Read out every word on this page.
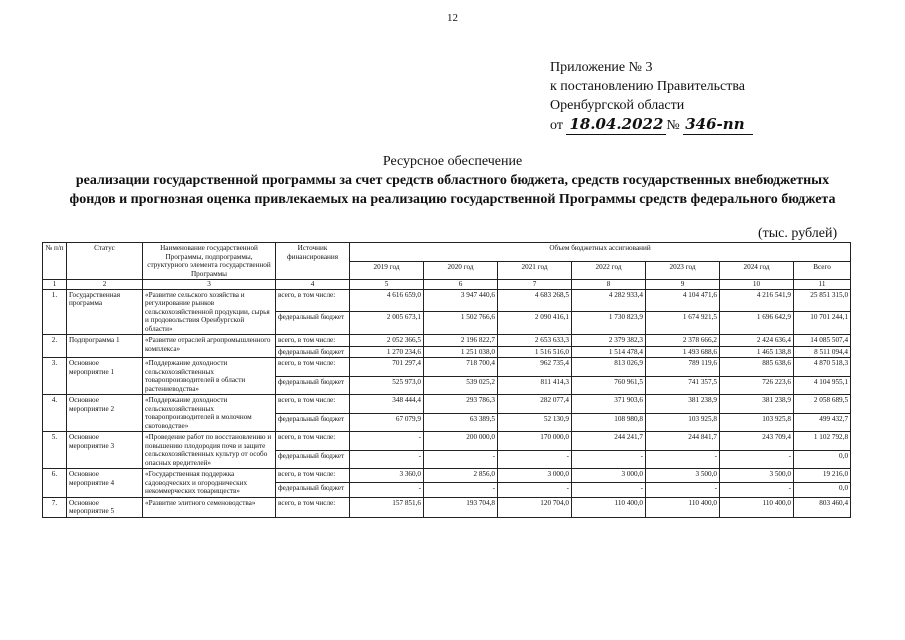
12
Приложение № 3
к постановлению Правительства
Оренбургской области
от 18.04.2022 № 346-пп
Ресурсное обеспечение
реализации государственной программы за счет средств областного бюджета, средств государственных внебюджетных
фондов и прогнозная оценка привлекаемых на реализацию государственной Программы средств федерального бюджета
(тыс. рублей)
№ п/п	Статус	Наименование государственной Программы, подпрограммы, структурного элемента государственной Программы	Источник финансирования	Объем бюджетных ассигнований						
				2019 год	2020 год	2021 год	2022 год	2023 год	2024 год	Всего
1	2	3	4	5	6	7	8	9	10	11
1.	Государственная программа	«Развитие сельского хозяйства и регулирование рынков сельскохозяйственной продукции, сырья и продовольствия Оренбургской области»	всего, в том числе:	4 616 659,0	3 947 440,6	4 683 268,5	4 282 933,4	4 104 471,6	4 216 541,9	25 851 315,0
			федеральный бюджет	2 005 673,1	1 502 766,6	2 090 416,1	1 730 823,9	1 674 921,5	1 696 642,9	10 701 244,1
2.	Подпрограмма 1	«Развитие отраслей агропромышленного комплекса»	всего, в том числе:	2 052 366,5	2 196 822,7	2 653 633,3	2 379 382,3	2 378 666,2	2 424 636,4	14 085 507,4
			федеральный бюджет	1 270 234,6	1 251 038,0	1 516 516,0	1 514 478,4	1 493 688,6	1 465 138,8	8 511 094,4
3.	Основное мероприятие 1	«Поддержание доходности сельскохозяйственных товаропроизводителей в области растениеводства»	всего, в том числе:	701 297,4	718 700,4	962 735,4	813 026,9	789 119,6	885 638,6	4 870 518,3
			федеральный бюджет	525 973,0	539 025,2	811 414,3	760 961,5	741 357,5	726 223,6	4 104 955,1
4.	Основное мероприятие 2	«Поддержание доходности сельскохозяйственных товаропроизводителей в молочном скотоводстве»	всего, в том числе:	348 444,4	293 786,3	282 077,4	371 903,6	381 238,9	381 238,9	2 058 689,5
			федеральный бюджет	67 079,9	63 389,5	52 130,9	108 980,8	103 925,8	103 925,8	499 432,7
5.	Основное мероприятие 3	«Проведение работ по восстановлению и повышению плодородия почв и защите сельскохозяйственных культур от особо опасных вредителей»	всего, в том числе:	-	200 000,0	170 000,0	244 241,7	244 841,7	243 709,4	1 102 792,8
			федеральный бюджет	-	-	-	-	-	-	0,0
6.	Основное мероприятие 4	«Государственная поддержка садоводческих и огороднических некоммерческих товариществ»	всего, в том числе:	3 360,0	2 856,0	3 000,0	3 000,0	3 500,0	3 500,0	19 216,0
			федеральный бюджет	-	-	-	-	-	-	0,0
7.	Основное мероприятие 5	«Развитие элитного семеноводства»	всего, в том числе:	157 851,6	193 704,8	120 704,0	110 400,0	110 400,0	110 400,0	803 460,4
